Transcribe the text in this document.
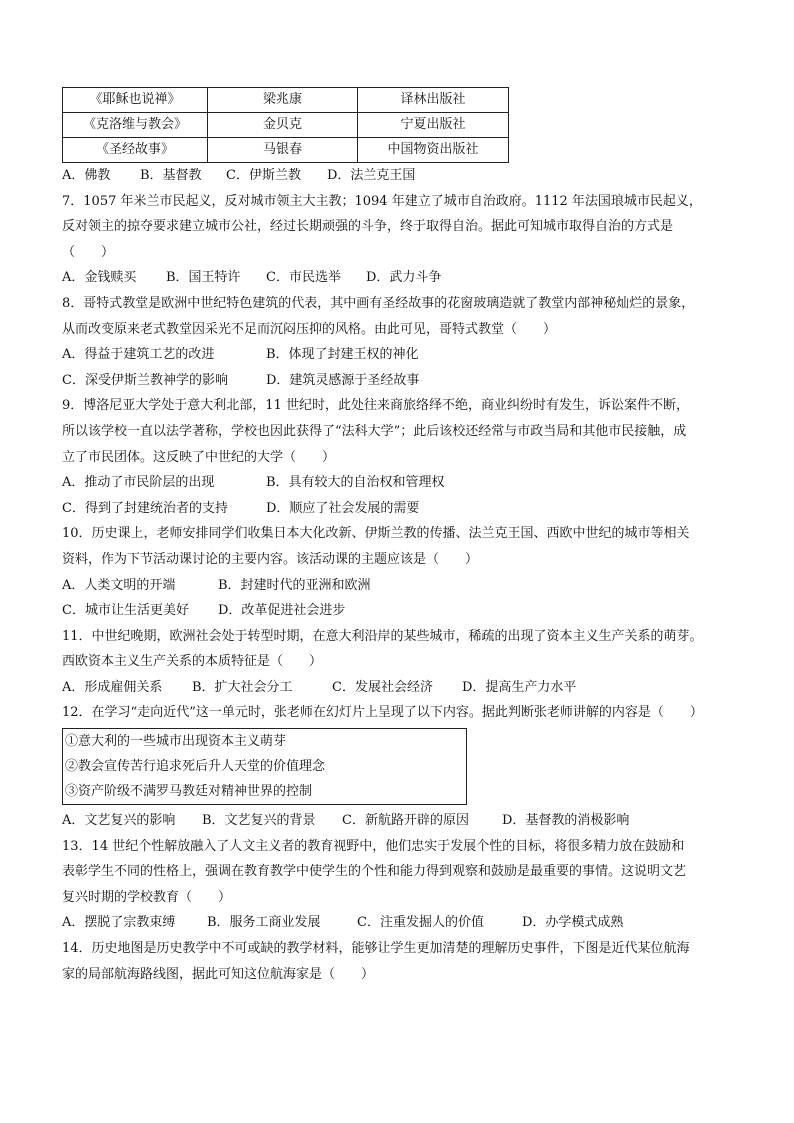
《耶稣也说禅》	梁兆康	译林出版社
《克洛维与教会》	金贝克	宁夏出版社
《圣经故事》	马银春	中国物资出版社
A．佛教	B．基督教	C．伊斯兰教	D．法兰克王国
7．1057 年米兰市民起义，反对城市领主大主教；1094 年建立了城市自治政府。1112 年法国琅城市民起义，
反对领主的掠夺要求建立城市公社，经过长期顽强的斗争，终于取得自治。据此可知城市取得自治的方式是
（　　）
A．金钱赎买	B．国王特许	C．市民选举	D．武力斗争
8．哥特式教堂是欧洲中世纪特色建筑的代表，其中画有圣经故事的花窗玻璃造就了教堂内部神秘灿烂的景象，
从而改变原来老式教堂因采光不足而沉闷压抑的风格。由此可见，哥特式教堂（　　）
A．得益于建筑工艺的改进	B．体现了封建王权的神化
C．深受伊斯兰教神学的影响	D．建筑灵感源于圣经故事
9．博洛尼亚大学处于意大利北部，11 世纪时，此处往来商旅络绎不绝，商业纠纷时有发生，诉讼案件不断，
所以该学校一直以法学著称，学校也因此获得了“法科大学”；此后该校还经常与市政当局和其他市民接触，成
立了市民团体。这反映了中世纪的大学（　　）
A．推动了市民阶层的出现	B．具有较大的自治权和管理权
C．得到了封建统治者的支持	D．顺应了社会发展的需要
10．历史课上，老师安排同学们收集日本大化改新、伊斯兰教的传播、法兰克王国、西欧中世纪的城市等相关
资料，作为下节活动课讨论的主要内容。该活动课的主题应该是（　　）
A．人类文明的开端	B．封建时代的亚洲和欧洲
C．城市让生活更美好	D．改革促进社会进步
11．中世纪晚期，欧洲社会处于转型时期，在意大利沿岸的某些城市，稀疏的出现了资本主义生产关系的萌芽。
西欧资本主义生产关系的本质特征是（　　）
A．形成雇佣关系	B．扩大社会分工	C．发展社会经济	D．提高生产力水平
12．在学习“走向近代”这一单元时，张老师在幻灯片上呈现了以下内容。据此判断张老师讲解的内容是（　　）
①意大利的一些城市出现资本主义萌芽
②教会宣传苦行追求死后升人天堂的价值理念
③资产阶级不满罗马教廷对精神世界的控制
A．文艺复兴的影响	B．文艺复兴的背景	C．新航路开辟的原因	D．基督教的消极影响
13．14 世纪个性解放融入了人文主义者的教育视野中，他们忠实于发展个性的目标，将很多精力放在鼓励和
表彰学生不同的性格上，强调在教育教学中使学生的个性和能力得到观察和鼓励是最重要的事情。这说明文艺
复兴时期的学校教育（　　）
A．摆脱了宗教束缚	B．服务工商业发展	C．注重发掘人的价值	D．办学模式成熟
14．历史地图是历史教学中不可或缺的教学材料，能够让学生更加清楚的理解历史事件，下图是近代某位航海
家的局部航海路线图，据此可知这位航海家是（　　）
